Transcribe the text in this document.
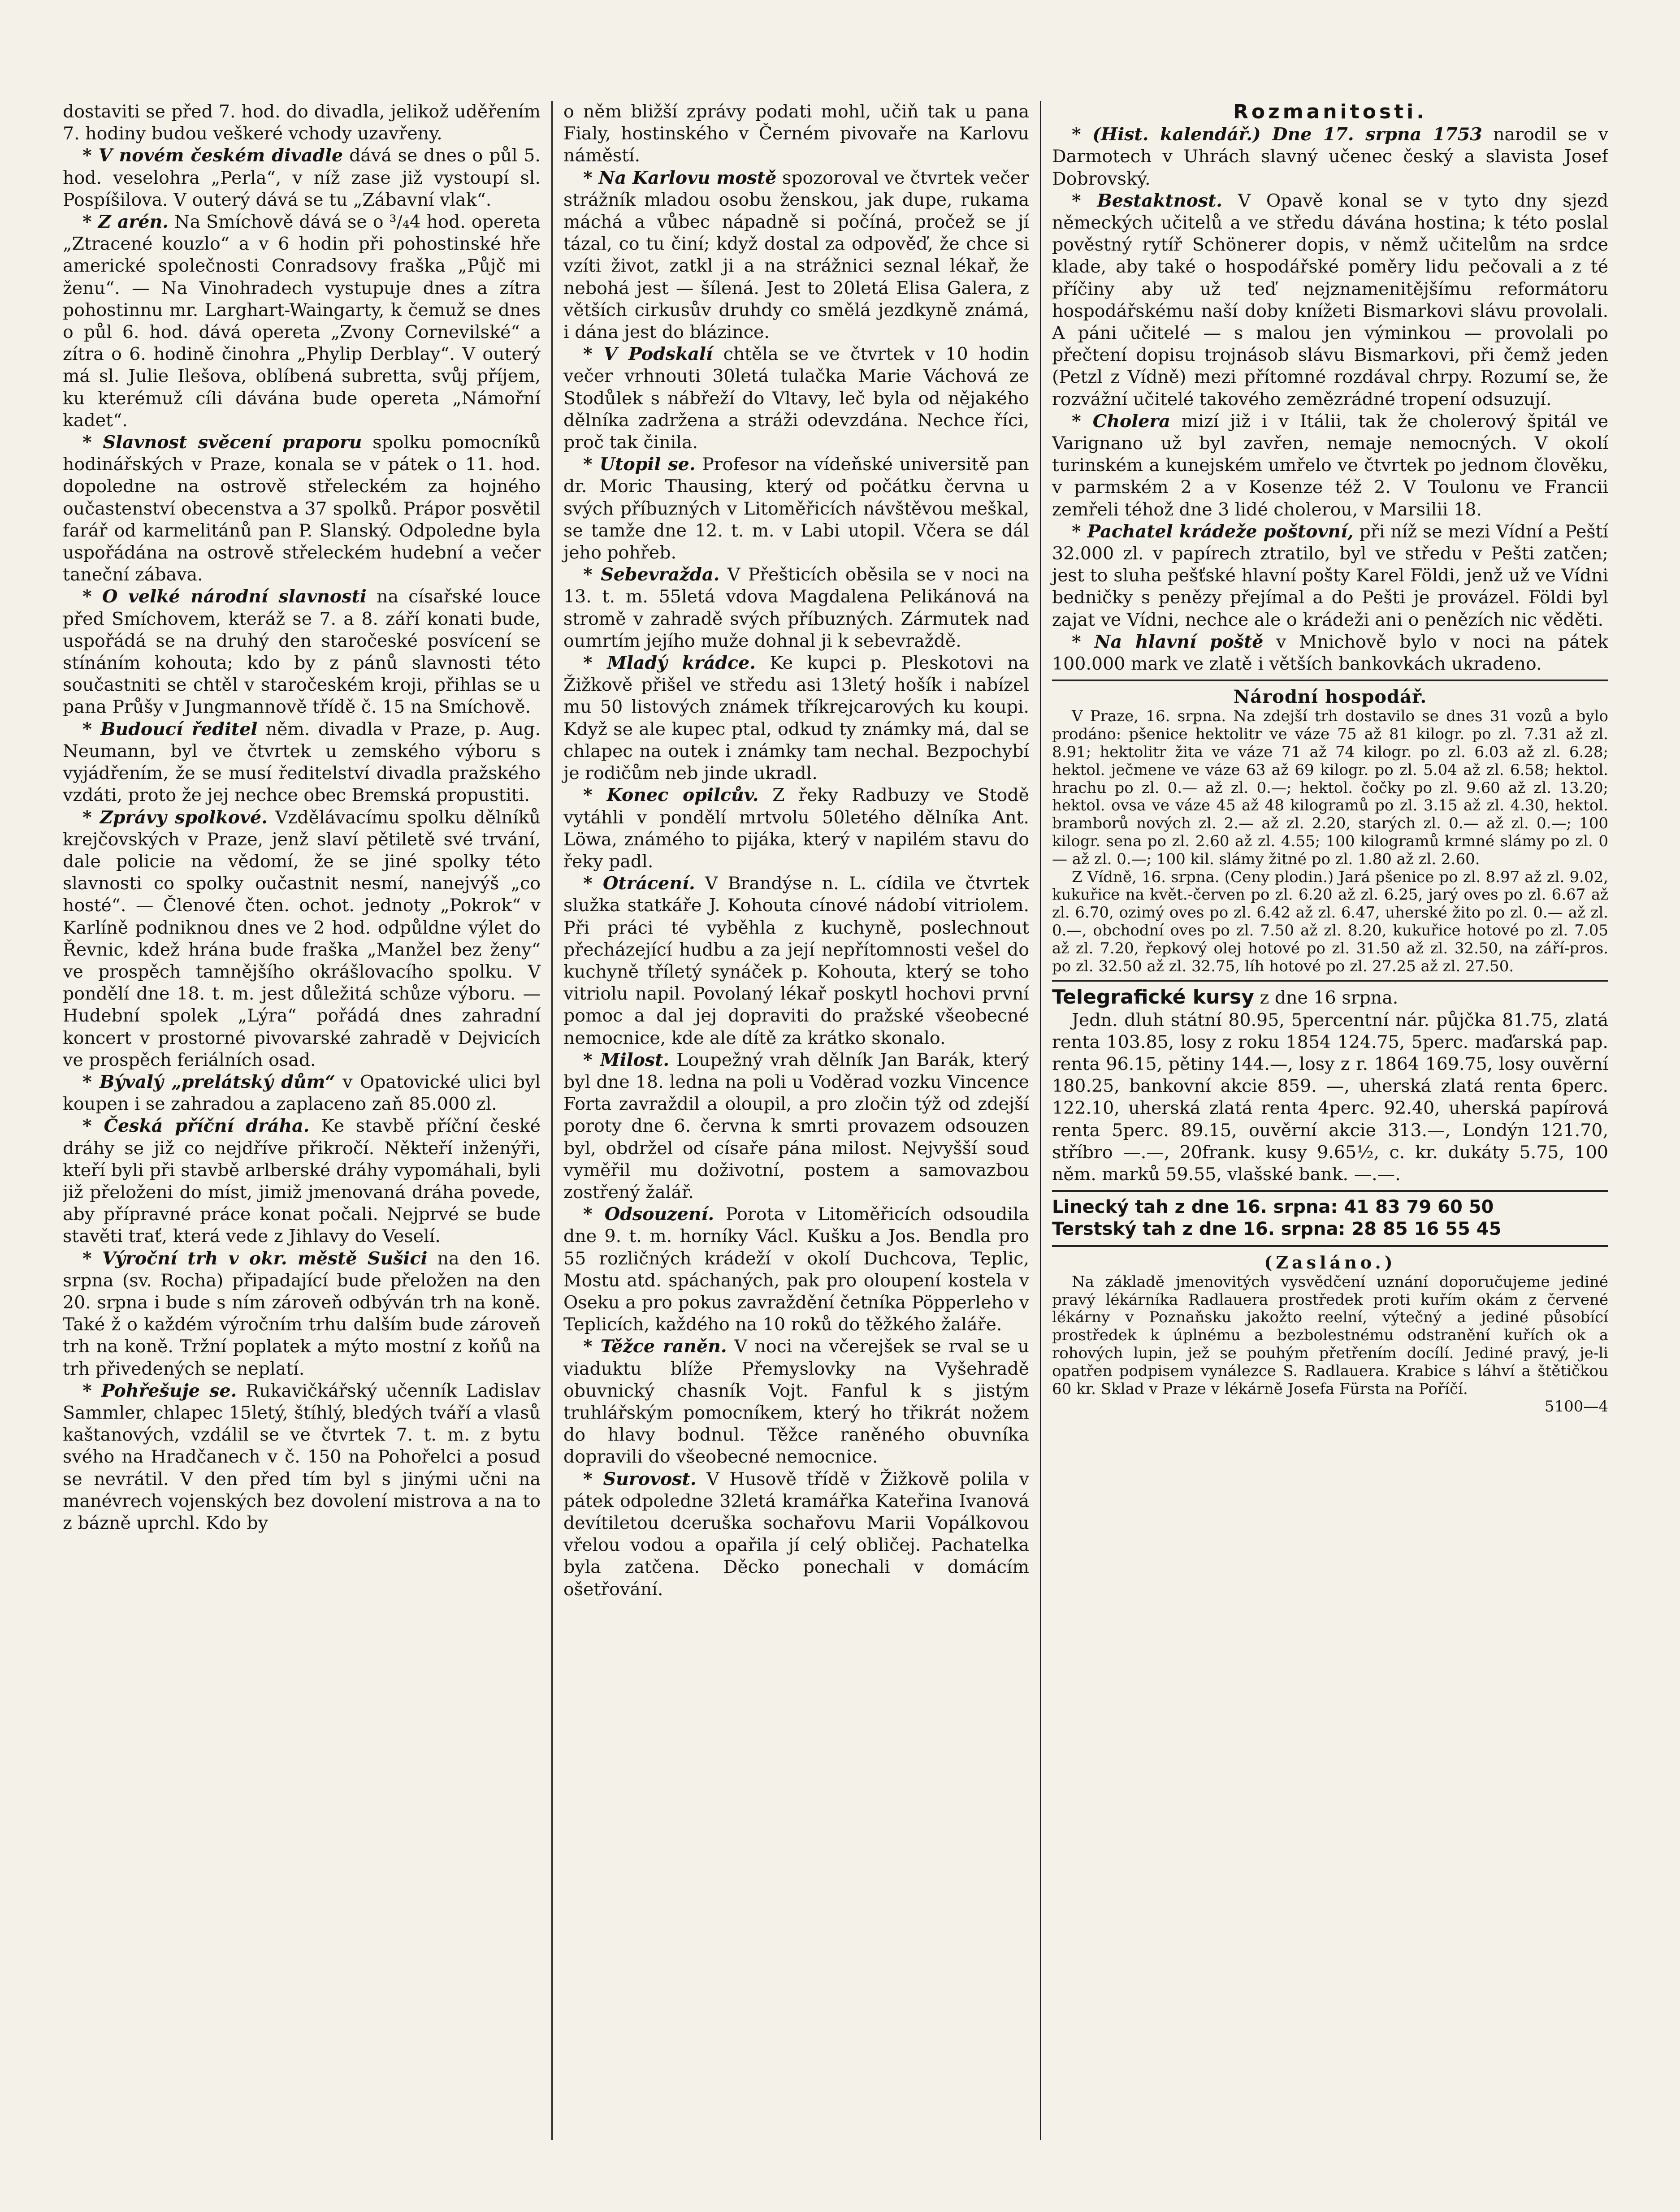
dostaviti se před 7. hod. do divadla, jelikož uděřením 7. hodiny budou veškeré vchody uzavřeny.

* V novém českém divadle dává se dnes o půl 5. hod. veselohra „Perla“, v níž zase již vystoupí sl. Pospíšilova. V outerý dává se tu „Zábavní vlak“.

* Z arén. Na Smíchově dává se o ³/₄4 hod. opereta „Ztracené kouzlo“ a v 6 hodin při pohostinské hře americké společnosti Conradsovy fraška „Půjč mi ženu“. — Na Vinohradech vystupuje dnes a zítra pohostinnu mr. Larghart-Waingarty, k čemuž se dnes o půl 6. hod. dává opereta „Zvony Cornevilské“ a zítra o 6. hodině činohra „Phylip Derblay“. V outerý má sl. Julie Ilešova, oblíbená subretta, svůj příjem, ku kterémuž cíli dávána bude opereta „Námořní kadet“.

* Slavnost svěcení praporu spolku pomocníků hodinářských v Praze, konala se v pátek o 11. hod. dopoledne na ostrově střeleckém za hojného oučastenství obecenstva a 37 spolků. Prápor posvětil farář od karmelitánů pan P. Slanský. Odpoledne byla uspořádána na ostrově střeleckém hudební a večer taneční zábava.

* O velké národní slavnosti na císařské louce před Smíchovem, kteráž se 7. a 8. září konati bude, uspořádá se na druhý den staročeské posvícení se stínáním kohouta; kdo by z pánů slavnosti této součastniti se chtěl v staročeském kroji, přihlas se u pana Průšy v Jungmannově třídě č. 15 na Smíchově.

* Budoucí ředitel něm. divadla v Praze, p. Aug. Neumann, byl ve čtvrtek u zemského výboru s vyjádřením, že se musí ředitelství divadla pražského vzdáti, proto že jej nechce obec Bremská propustiti.

* Zprávy spolkové. Vzdělávacímu spolku dělníků krejčovských v Praze, jenž slaví pětiletě své trvání, dale policie na vědomí, že se jiné spolky této slavnosti co spolky oučastnit nesmí, nanejvýš „co hosté“. — Členové čten. ochot. jednoty „Pokrok“ v Karlíně podniknou dnes ve 2 hod. odpůldne výlet do Řevnic, kdež hrána bude fraška „Manžel bez ženy“ ve prospěch tamnějšího okrášlovacího spolku. V pondělí dne 18. t. m. jest důležitá schůze výboru. — Hudební spolek „Lýra“ pořádá dnes zahradní koncert v prostorné pivovarské zahradě v Dejvicích ve prospěch feriálních osad.

* Bývalý „prelátský dům“ v Opatovické ulici byl koupen i se zahradou a zaplaceno zaň 85.000 zl.

* Česká příční dráha. Ke stavbě příční české dráhy se již co nejdříve přikročí. Někteří inženýři, kteří byli při stavbě arlberské dráhy vypomáhali, byli již přeloženi do míst, jimiž jmenovaná dráha povede, aby přípravné práce konat počali. Nejprvé se bude stavěti trať, která vede z Jihlavy do Veselí.

* Výroční trh v okr. městě Sušici na den 16. srpna (sv. Rocha) připadající bude přeložen na den 20. srpna i bude s ním zároveň odbýván trh na koně. Také ž o každém výročním trhu dalším bude zároveň trh na koně. Tržní poplatek a mýto mostní z koňů na trh přivedených se neplatí.

* Pohřešuje se. Rukavičkářský učenník Ladislav Sammler, chlapec 15letý, štíhlý, bledých tváří a vlasů kaštanových, vzdálil se ve čtvrtek 7. t. m. z bytu svého na Hradčanech v č. 150 na Pohořelci a posud se nevrátil. V den před tím byl s jinými učni na manévrech vojenských bez dovolení mistrova a na to z bázně uprchl. Kdo by

o něm bližší zprávy podati mohl, učiň tak u pana Fialy, hostinského v Černém pivovaře na Karlovu náměstí.

* Na Karlovu mostě spozoroval ve čtvrtek večer strážník mladou osobu ženskou, jak dupe, rukama máchá a vůbec nápadně si počíná, pročež se jí tázal, co tu činí; když dostal za odpověď, že chce si vzíti život, zatkl ji a na strážnici seznal lékař, že nebohá jest — šílená. Jest to 20letá Elisa Galera, z větších cirkusův druhdy co smělá jezdkyně známá, i dána jest do blázince.

* V Podskalí chtěla se ve čtvrtek v 10 hodin večer vrhnouti 30letá tulačka Marie Váchová ze Stodůlek s nábřeží do Vltavy, leč byla od nějakého dělníka zadržena a stráži odevzdána. Nechce říci, proč tak činila.

* Utopil se. Profesor na vídeňské universitě pan dr. Moric Thausing, který od počátku června u svých příbuzných v Litoměřicích návštěvou meškal, se tamže dne 12. t. m. v Labi utopil. Včera se dál jeho pohřeb.

* Sebevražda. V Přešticích oběsila se v noci na 13. t. m. 55letá vdova Magdalena Pelikánová na stromě v zahradě svých příbuzných. Zármutek nad oumrtím jejího muže dohnal ji k sebevraždě.

* Mladý krádce. Ke kupci p. Pleskotovi na Žižkově přišel ve středu asi 13letý hošík i nabízel mu 50 listových známek tříkrejcarových ku koupi. Když se ale kupec ptal, odkud ty známky má, dal se chlapec na outek i známky tam nechal. Bezpochybí je rodičům neb jinde ukradl.

* Konec opilcův. Z řeky Radbuzy ve Stodě vytáhli v pondělí mrtvolu 50letého dělníka Ant. Löwa, známého to pijáka, který v napilém stavu do řeky padl.

* Otrácení. V Brandýse n. L. cídila ve čtvrtek služka statkáře J. Kohouta cínové nádobí vitriolem. Při práci té vyběhla z kuchyně, poslechnout přecházející hudbu a za její nepřítomnosti vešel do kuchyně tříletý synáček p. Kohouta, který se toho vitriolu napil. Povolaný lékař poskytl hochovi první pomoc a dal jej dopraviti do pražské všeobecné nemocnice, kde ale dítě za krátko skonalo.

* Milost. Loupežný vrah dělník Jan Barák, který byl dne 18. ledna na poli u Voděrad vozku Vincence Forta zavraždil a oloupil, a pro zločin týž od zdejší poroty dne 6. června k smrti provazem odsouzen byl, obdržel od císaře pána milost. Nejvyšší soud vyměřil mu doživotní, postem a samovazbou zostřený žalář.

* Odsouzení. Porota v Litoměřicích odsoudila dne 9. t. m. horníky Václ. Kušku a Jos. Bendla pro 55 rozličných krádeží v okolí Duchcova, Teplic, Mostu atd. spáchaných, pak pro oloupení kostela v Oseku a pro pokus zavraždění četníka Pöpperleho v Teplicích, každého na 10 roků do těžkého žaláře.

* Těžce raněn. V noci na včerejšek se rval se u viaduktu blíže Přemyslovky na Vyšehradě obuvnický chasník Vojt. Fanful k s jistým truhlářským pomocníkem, který ho třikrát nožem do hlavy bodnul. Těžce raněného obuvníka dopravili do všeobecné nemocnice.

* Surovost. V Husově třídě v Žižkově polila v pátek odpoledne 32letá kramářka Kateřina Ivanová devítiletou dceruška sochařovu Marii Vopálkovou vřelou vodou a opařila jí celý obličej. Pachatelka byla zatčena. Děcko ponechali v domácím ošetřování.

Rozmanitosti.

* (Hist. kalendář.) Dne 17. srpna 1753 narodil se v Darmotech v Uhrách slavný učenec český a slavista Josef Dobrovský.

* Bestaktnost. V Opavě konal se v tyto dny sjezd německých učitelů a ve středu dávána hostina; k této poslal pověstný rytíř Schönerer dopis, v němž učitelům na srdce klade, aby také o hospodářské poměry lidu pečovali a z té příčiny aby už teď nejznamenitějšímu reformátoru hospodářskému naší doby knížeti Bismarkovi slávu provolali. A páni učitelé — s malou jen výminkou — provolali po přečtení dopisu trojnásob slávu Bismarkovi, při čemž jeden (Petzl z Vídně) mezi přítomné rozdával chrpy. Rozumí se, že rozvážní učitelé takového zemězrádné tropení odsuzují.

* Cholera mizí již i v Itálii, tak že cholerový špitál ve Varignano už byl zavřen, nemaje nemocných. V okolí turinském a kunejském umřelo ve čtvrtek po jednom člověku, v parmském 2 a v Kosenze též 2. V Toulonu ve Francii zemřeli téhož dne 3 lidé cholerou, v Marsilii 18.

* Pachatel krádeže poštovní, při níž se mezi Vídní a Peští 32.000 zl. v papírech ztratilo, byl ve středu v Pešti zatčen; jest to sluha pešťské hlavní pošty Karel Földi, jenž už ve Vídni bedničky s penězy přejímal a do Pešti je provázel. Földi byl zajat ve Vídni, nechce ale o krádeži ani o penězích nic věděti.

* Na hlavní poště v Mnichově bylo v noci na pátek 100.000 mark ve zlatě i větších bankovkách ukradeno.

Národní hospodář.

V Praze, 16. srpna. Na zdejší trh dostavilo se dnes 31 vozů a bylo prodáno: pšenice hektolitr ve váze 75 až 81 kilogr. po zl. 7.31 až zl. 8.91; hektolitr žita ve váze 71 až 74 kilogr. po zl. 6.03 až zl. 6.28; hektol. ječmene ve váze 63 až 69 kilogr. po zl. 5.04 až zl. 6.58; hektol. hrachu po zl. 0.— až zl. 0.—; hektol. čočky po zl. 9.60 až zl. 13.20; hektol. ovsa ve váze 45 až 48 kilogramů po zl. 3.15 až zl. 4.30, hektol. bramborů nových zl. 2.— až zl. 2.20, starých zl. 0.— až zl. 0.—; 100 kilogr. sena po zl. 2.60 až zl. 4.55; 100 kilogramů krmné slámy po zl. 0 — až zl. 0.—; 100 kil. slámy žitné po zl. 1.80 až zl. 2.60.

Z Vídně, 16. srpna. (Ceny plodin.) Jará pšenice po zl. 8.97 až zl. 9.02, kukuřice na květ.-červen po zl. 6.20 až zl. 6.25, jarý oves po zl. 6.67 až zl. 6.70, ozimý oves po zl. 6.42 až zl. 6.47, uherské žito po zl. 0.— až zl. 0.—, obchodní oves po zl. 7.50 až zl. 8.20, kukuřice hotové po zl. 7.05 až zl. 7.20, řepkový olej hotové po zl. 31.50 až zl. 32.50, na září-pros. po zl. 32.50 až zl. 32.75, líh hotové po zl. 27.25 až zl. 27.50.

Telegrafické kursy z dne 16 srpna.

Jedn. dluh státní 80.95, 5percentní nár. půjčka 81.75, zlatá renta 103.85, losy z roku 1854 124.75, 5perc. maďarská pap. renta 96.15, pětiny 144.—, losy z r. 1864 169.75, losy ouvěrní 180.25, bankovní akcie 859. —, uherská zlatá renta 6perc. 122.10, uherská zlatá renta 4perc. 92.40, uherská papírová renta 5perc. 89.15, ouvěrní akcie 313.—, Londýn 121.70, stříbro —.—, 20frank. kusy 9.65½, c. kr. dukáty 5.75, 100 něm. marků 59.55, vlašské bank. —.—.

Linecký tah z dne 16. srpna: 41 83 79 60 50

Terstský tah z dne 16. srpna: 28 85 16 55 45

(Zasláno.)

Na základě jmenovitých vysvědčení uznání doporučujeme jediné pravý lékárníka Radlauera prostředek proti kuřím okám z červené lékárny v Poznaňsku jakožto reelní, výtečný a jediné působící prostředek k úplnému a bezbolestnému odstranění kuřích ok a rohových lupin, jež se pouhým přetřením docílí. Jediné pravý, je-li opatřen podpisem vynálezce S. Radlauera. Krabice s láhví a štětičkou 60 kr. Sklad v Praze v lékárně Josefa Fürsta na Poříčí.

5100—4
